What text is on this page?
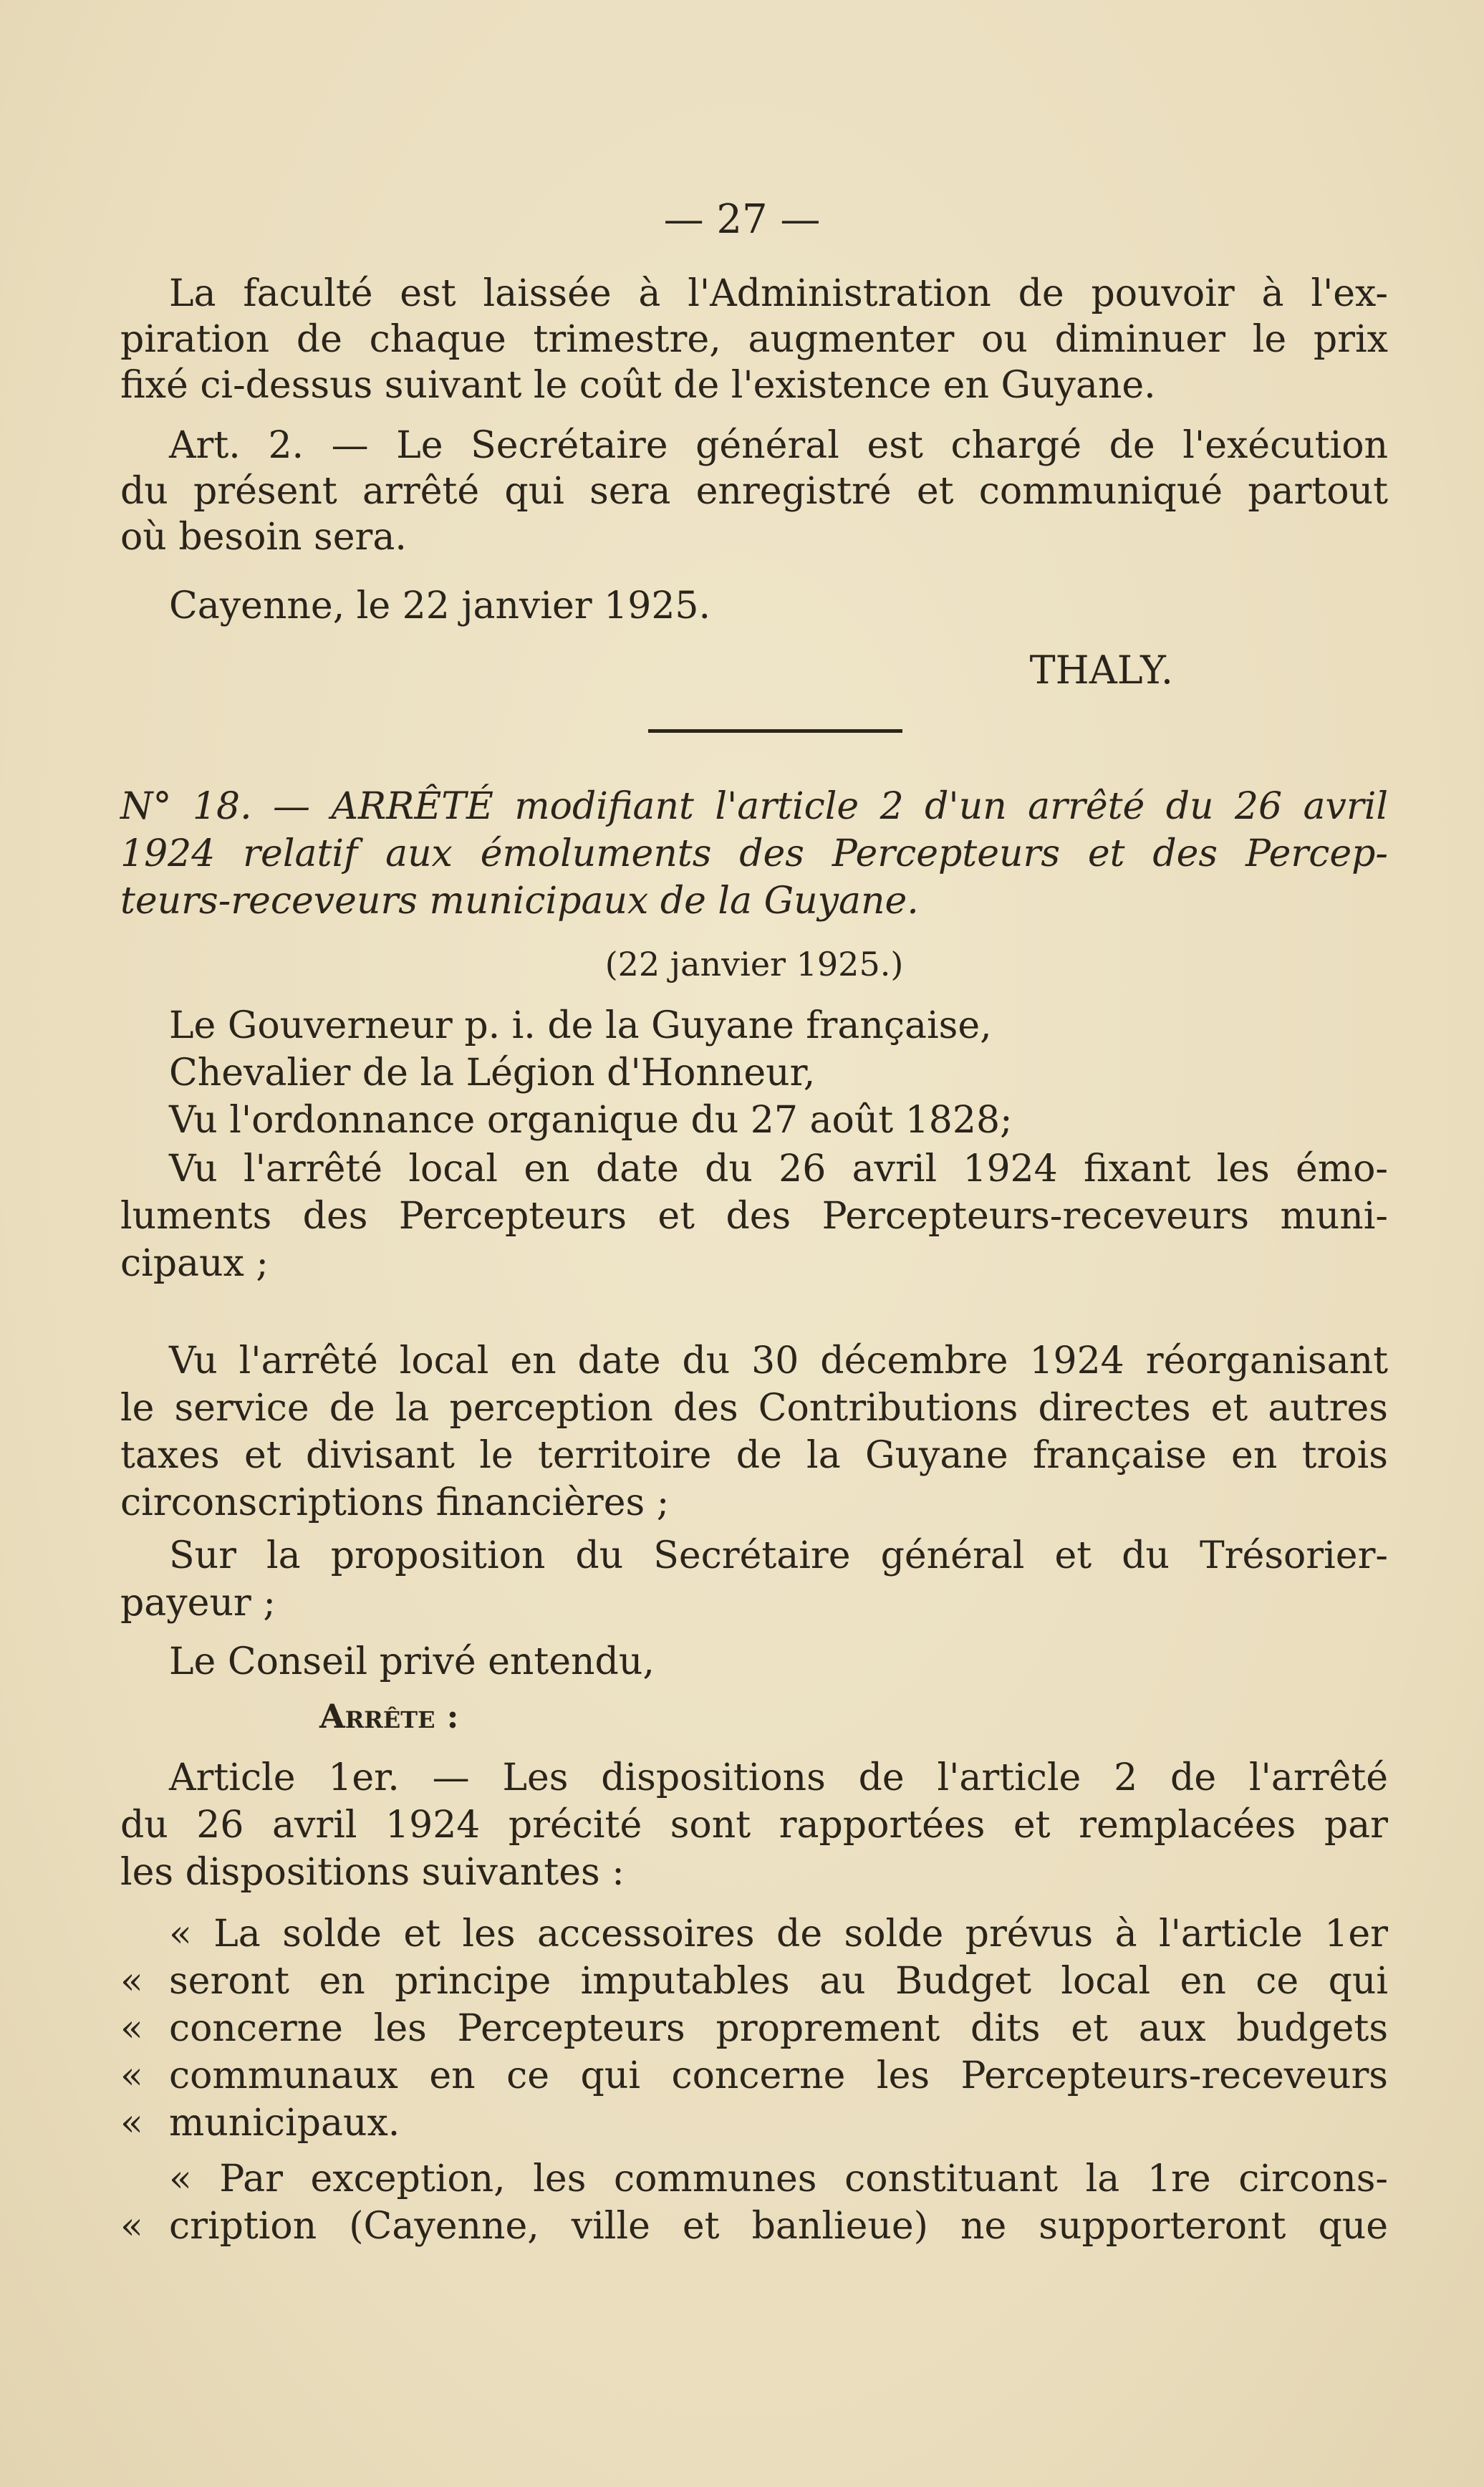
— 27 —
La faculté est laissée à l'Administration de pouvoir à l'ex-
piration de chaque trimestre, augmenter ou diminuer le prix
fixé ci-dessus suivant le coût de l'existence en Guyane.
Art. 2. — Le Secrétaire général est chargé de l'exécution
du présent arrêté qui sera enregistré et communiqué partout
où besoin sera.
Cayenne, le 22 janvier 1925.
THALY.
N° 18. — ARRÊTÉ modifiant l'article 2 d'un arrêté du 26 avril
1924 relatif aux émoluments des Percepteurs et des Percep-
teurs-receveurs municipaux de la Guyane.
(22 janvier 1925.)
Le Gouverneur p. i. de la Guyane française,
Chevalier de la Légion d'Honneur,
Vu l'ordonnance organique du 27 août 1828;
Vu l'arrêté local en date du 26 avril 1924 fixant les émo-
luments des Percepteurs et des Percepteurs-receveurs muni-
cipaux ;
Vu l'arrêté local en date du 30 décembre 1924 réorganisant
le service de la perception des Contributions directes et autres
taxes et divisant le territoire de la Guyane française en trois
circonscriptions financières ;
Sur la proposition du Secrétaire général et du Trésorier-
payeur ;
Le Conseil privé entendu,
Arrête :
Article 1er. — Les dispositions de l'article 2 de l'arrêté
du 26 avril 1924 précité sont rapportées et remplacées par
les dispositions suivantes :
« La solde et les accessoires de solde prévus à l'article 1er
« seront en principe imputables au Budget local en ce qui
« concerne les Percepteurs proprement dits et aux budgets
« communaux en ce qui concerne les Percepteurs-receveurs
« municipaux.
« Par exception, les communes constituant la 1re circons-
« cription (Cayenne, ville et banlieue) ne supporteront que
